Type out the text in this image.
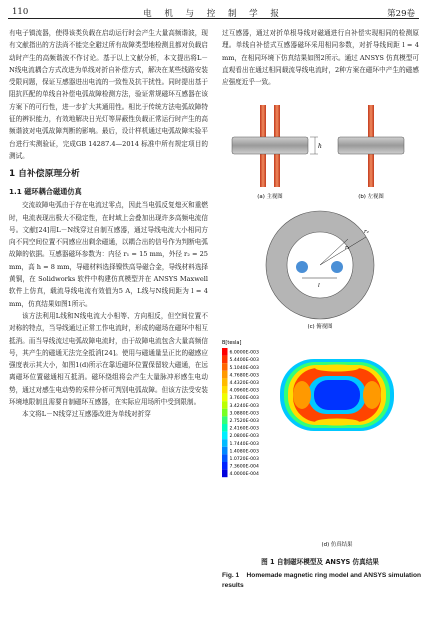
110	电 机 与 控 制 学 报	第29卷

有电子镇流器，使得该类负载在启动运行时会产生大量高频谐波，现有文献指出的方法尚不能完全避过所有故障类型地检测且都对负载启动时产生的高频谐波不作讨论。基于以上文献分析，本文提出将L－N线电流耦合方式改进为单线对折自补偿方式，解决在某些线路安装受限问题，保证互感器进出电流的一致性及抗干扰性。同时提出基于阻抗匹配的单线自补偿电弧故障检测方法，验证常规磁环互感器在该方案下的可行性，进一步扩大其通用性。相比于传统方法电弧故障特征的辨识能力，有效地解决日光灯等屏蔽性负载正常运行时产生的高频谐波对电弧故障判断的影响。最后，设计样机通过电弧故障实验平台进行实测验证，完成GB 14287.4—2014 标准中所有规定项目的测试。

1 自补偿原理分析
1.1 磁环耦合磁通仿真

交流故障电弧由于存在电流过零点，因此当电弧反复熄灭和重燃时，电流表现出极大不稳定性，在时域上会叠加出现许多高频电流信号。文献[24]用L－N线穿过自制互感器，通过导线电流大小相同方向不同空间位置不同感应出剩余磁通，以耦合出的信号作为判断电弧故障的依据。互感器磁环参数为：内径 r₁ = 15 mm，外径 r₂ = 25 mm，高 h = 8 mm，导磁材料选择镍铁高导磁合金，导线材料选择黄铜，在 Solidworks 软件中构建仿真模型并在 ANSYS Maxwell 软件上仿真，载流导线电流有效值为5 A，L线与N线间距为 l = 4 mm，仿真结果如图1所示。

该方法利用L线和N线电流大小相等、方向相反，但空间位置不对称的特点，当导线通过正常工作电流时，形成的磁场在磁环中相互抵消。而当导线流过电弧故障电流时，由于故障电流包含大量高频信号，其产生的磁通无法完全抵消[24]。使用与磁通量呈正比的磁感应强度表示其大小，如图1(d)所示在靠近磁环位置保留较大磁通，在远离磁环位置磁通相互抵消。磁环绕组将会产生大量脉冲形感生电动势，通过对感生电动势的采样分析可判别电弧故障。但该方法受安装环境地限制且需要自制磁环互感器，在实际应用场所中受到限制。

本文将L－N线穿过互感器改进为单线对折穿

过互感器，通过对折单根导线对磁通进行自补偿实现相同的检测原理。单线自补偿式互感器磁环采用相同参数，对折导线间距 l = 4 mm，在相同环境下仿真结果如图2所示。通过 ANSYS 仿真模型可直观看出在通过相同载流导线电流时，2种方案在磁环中产生的磁感应强度近乎一致。

h
(a) 主视图	(b) 左视图
r₁
r₂
l
(c) 俯视图
B[tesla]
6.0000E-003
5.4400E-003
5.1040E-003
4.7680E-003
4.4320E-003
4.0960E-003
3.7600E-003
3.4240E-003
3.0880E-003
2.7520E-003
2.4160E-003
2.0800E-003
1.7440E-003
1.4080E-003
1.0720E-003
7.3600E-004
4.0000E-004
(d) 仿真结果
图 1 自制磁环模型及 ANSYS 仿真结果
Fig. 1 Homemade magnetic ring model and ANSYS simulation results
